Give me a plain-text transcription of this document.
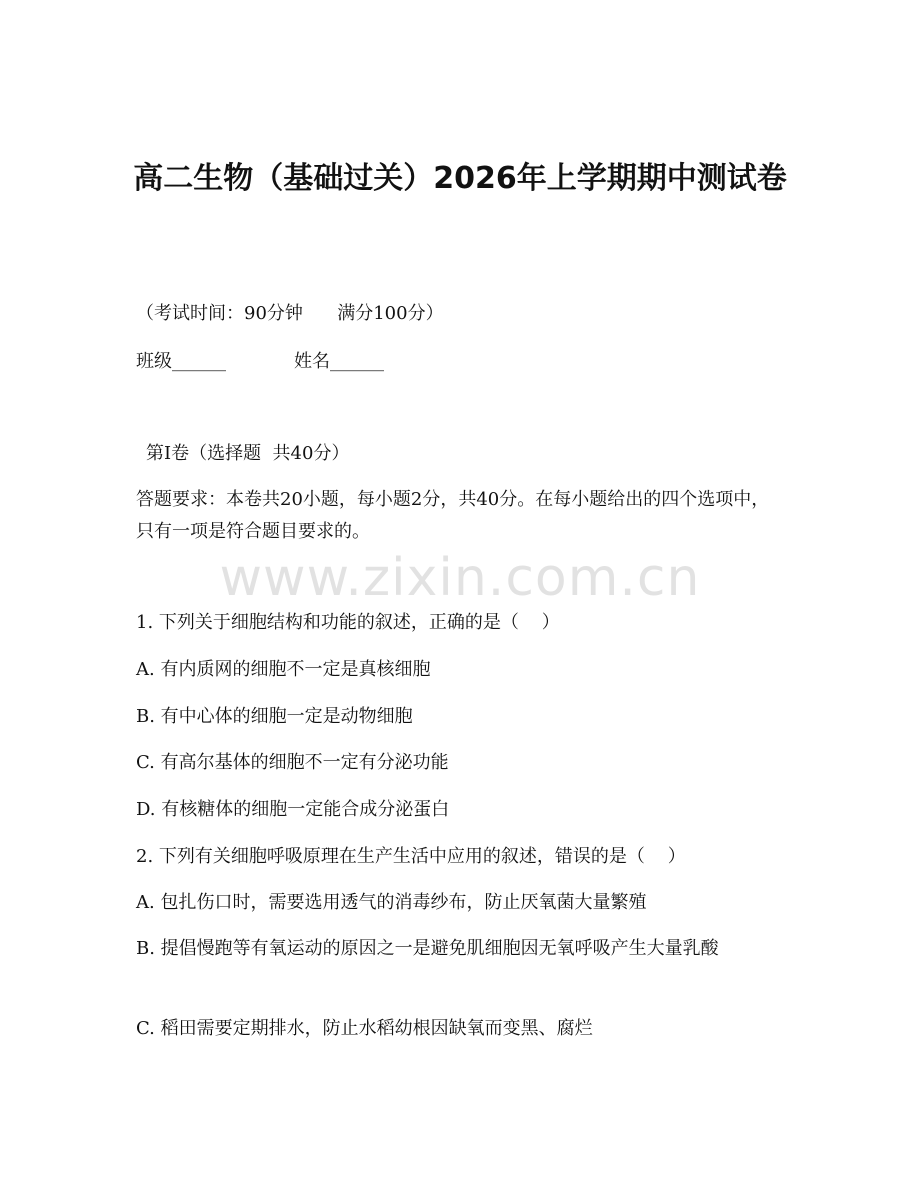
高二生物（基础过关）2026年上学期期中测试卷
（考试时间：90分钟      满分100分）
班级______	姓名______
第Ⅰ卷（选择题  共40分）
答题要求：本卷共20小题，每小题2分，共40分。在每小题给出的四个选项中，只有一项是符合题目要求的。
www.zixin.com.cn
1. 下列关于细胞结构和功能的叙述，正确的是（    ）
A. 有内质网的细胞不一定是真核细胞
B. 有中心体的细胞一定是动物细胞
C. 有高尔基体的细胞不一定有分泌功能
D. 有核糖体的细胞一定能合成分泌蛋白
2. 下列有关细胞呼吸原理在生产生活中应用的叙述，错误的是（    ）
A. 包扎伤口时，需要选用透气的消毒纱布，防止厌氧菌大量繁殖
B. 提倡慢跑等有氧运动的原因之一是避免肌细胞因无氧呼吸产生大量乳酸
C. 稻田需要定期排水，防止水稻幼根因缺氧而变黑、腐烂
